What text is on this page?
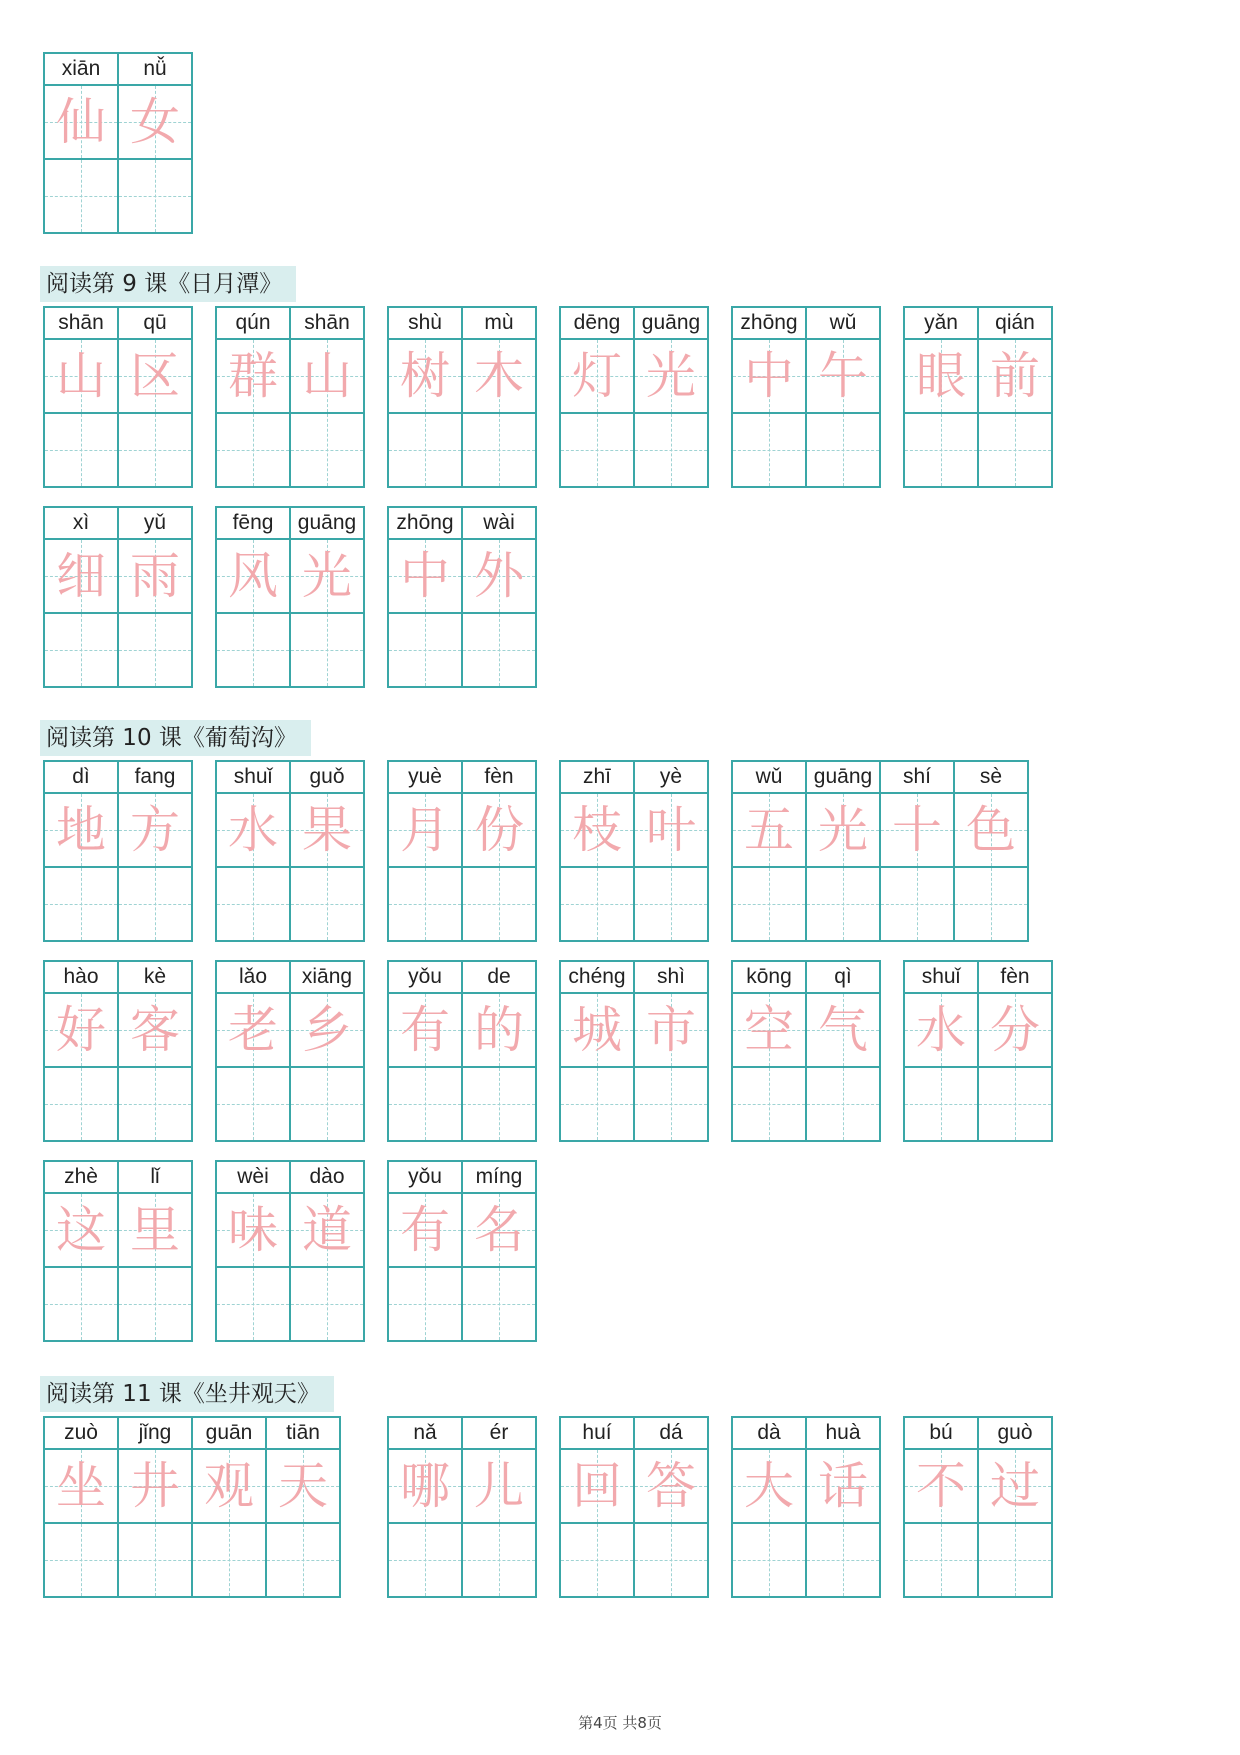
xiān
仙
nǚ
女
阅读第 9 课《日月潭》
shān
山
qū
区
qún
群
shān
山
shù
树
mù
木
dēng
灯
guāng
光
zhōng
中
wǔ
午
yǎn
眼
qián
前
xì
细
yǔ
雨
fēng
风
guāng
光
zhōng
中
wài
外
阅读第 10 课《葡萄沟》
dì
地
fang
方
shuǐ
水
guǒ
果
yuè
月
fèn
份
zhī
枝
yè
叶
wǔ
五
guāng
光
shí
十
sè
色
hào
好
kè
客
lǎo
老
xiāng
乡
yǒu
有
de
的
chéng
城
shì
市
kōng
空
qì
气
shuǐ
水
fèn
分
zhè
这
lǐ
里
wèi
味
dào
道
yǒu
有
míng
名
阅读第 11 课《坐井观天》
zuò
坐
jǐng
井
guān
观
tiān
天
nǎ
哪
ér
儿
huí
回
dá
答
dà
大
huà
话
bú
不
guò
过
第4页 共8页
